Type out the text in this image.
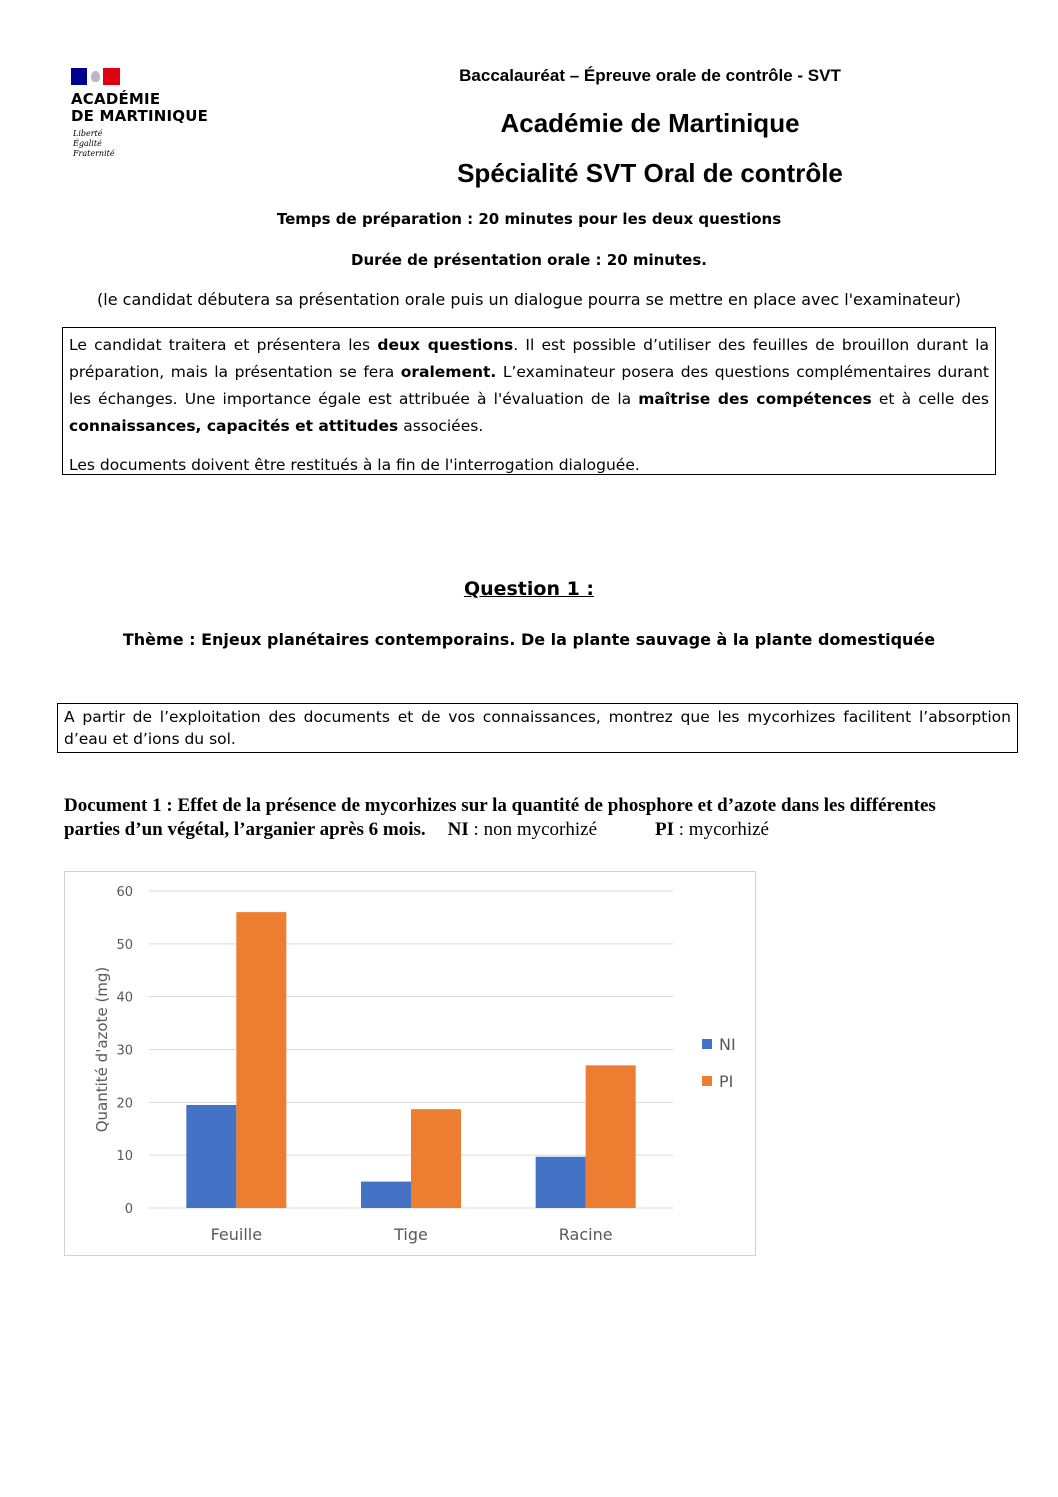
ACADÉMIE
DE MARTINIQUE
Liberté
Égalité
Fraternité
Baccalauréat – Épreuve orale de contrôle - SVT
Académie de Martinique
Spécialité SVT Oral de contrôle
Temps de préparation : 20 minutes pour les deux questions
Durée de présentation orale : 20 minutes.
(le candidat débutera sa présentation orale puis un dialogue pourra se mettre en place avec l'examinateur)

Le candidat traitera et présentera les deux questions. Il est possible d’utiliser des feuilles de brouillon durant la préparation, mais la présentation se fera oralement. L’examinateur posera des questions complémentaires durant les échanges. Une importance égale est attribuée à l'évaluation de la maîtrise des compétences et à celle des connaissances, capacités et attitudes associées.

Les documents doivent être restitués à la fin de l'interrogation dialoguée.

Question 1 :
Thème : Enjeux planétaires contemporains. De la plante sauvage à la plante domestiquée
A partir de l’exploitation des documents et de vos connaissances, montrez que les mycorhizes facilitent l’absorption d’eau et d’ions du sol.
Document 1 : Effet de la présence de mycorhizes sur la quantité de phosphore et d’azote dans les différentes parties d’un végétal, l’arganier après 6 mois. NI : non mycorhizé	PI : mycorhizé
0
10
20
30
40
50
60
Quantité d'azote (mg)
Feuille	Tige	Racine
NI
PI
